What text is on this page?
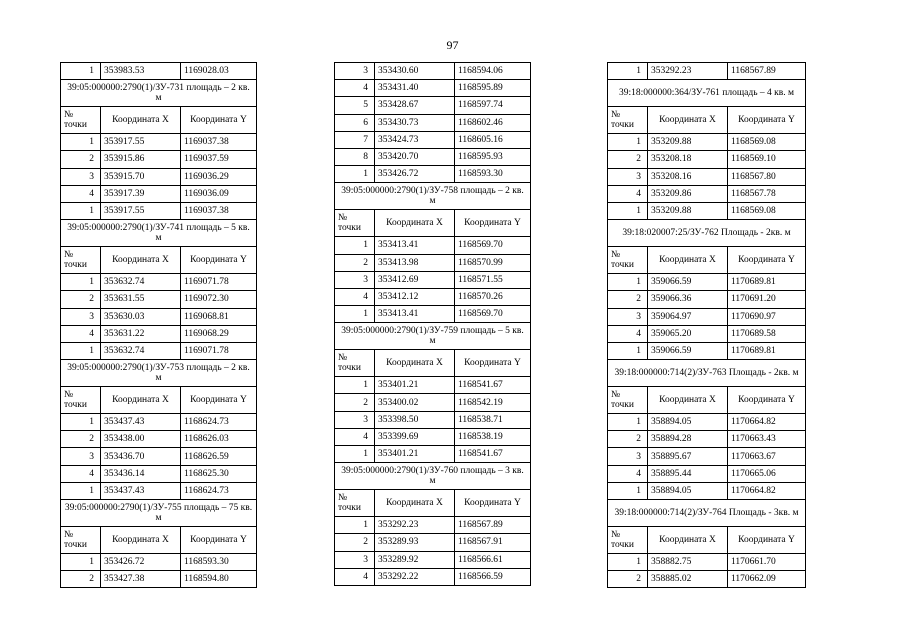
97
1	353983.53	1169028.03
39:05:000000:2790(1)/ЗУ-731 площадь – 2 кв. м		
№ точки	Координата X	Координата Y
1	353917.55	1169037.38
2	353915.86	1169037.59
3	353915.70	1169036.29
4	353917.39	1169036.09
1	353917.55	1169037.38
39:05:000000:2790(1)/ЗУ-741 площадь – 5 кв. м		
№ точки	Координата X	Координата Y
1	353632.74	1169071.78
2	353631.55	1169072.30
3	353630.03	1169068.81
4	353631.22	1169068.29
1	353632.74	1169071.78
39:05:000000:2790(1)/ЗУ-753 площадь – 2 кв. м		
№ точки	Координата X	Координата Y
1	353437.43	1168624.73
2	353438.00	1168626.03
3	353436.70	1168626.59
4	353436.14	1168625.30
1	353437.43	1168624.73
39:05:000000:2790(1)/ЗУ-755 площадь – 75 кв. м		
№ точки	Координата X	Координата Y
1	353426.72	1168593.30
2	353427.38	1168594.80
3	353430.60	1168594.06
4	353431.40	1168595.89
5	353428.67	1168597.74
6	353430.73	1168602.46
7	353424.73	1168605.16
8	353420.70	1168595.93
1	353426.72	1168593.30
39:05:000000:2790(1)/ЗУ-758 площадь – 2 кв. м		
№ точки	Координата X	Координата Y
1	353413.41	1168569.70
2	353413.98	1168570.99
3	353412.69	1168571.55
4	353412.12	1168570.26
1	353413.41	1168569.70
39:05:000000:2790(1)/ЗУ-759 площадь – 5 кв. м		
№ точки	Координата X	Координата Y
1	353401.21	1168541.67
2	353400.02	1168542.19
3	353398.50	1168538.71
4	353399.69	1168538.19
1	353401.21	1168541.67
39:05:000000:2790(1)/ЗУ-760 площадь – 3 кв. м		
№ точки	Координата X	Координата Y
1	353292.23	1168567.89
2	353289.93	1168567.91
3	353289.92	1168566.61
4	353292.22	1168566.59
1	353292.23	1168567.89
39:18:000000:364/ЗУ-761 площадь – 4 кв. м		
№ точки	Координата X	Координата Y
1	353209.88	1168569.08
2	353208.18	1168569.10
3	353208.16	1168567.80
4	353209.86	1168567.78
1	353209.88	1168569.08
39:18:020007:25/ЗУ-762 Площадь - 2кв. м		
№ точки	Координата X	Координата Y
1	359066.59	1170689.81
2	359066.36	1170691.20
3	359064.97	1170690.97
4	359065.20	1170689.58
1	359066.59	1170689.81
39:18:000000:714(2)/ЗУ-763 Площадь - 2кв. м		
№ точки	Координата X	Координата Y
1	358894.05	1170664.82
2	358894.28	1170663.43
3	358895.67	1170663.67
4	358895.44	1170665.06
1	358894.05	1170664.82
39:18:000000:714(2)/ЗУ-764 Площадь - 3кв. м		
№ точки	Координата X	Координата Y
1	358882.75	1170661.70
2	358885.02	1170662.09
